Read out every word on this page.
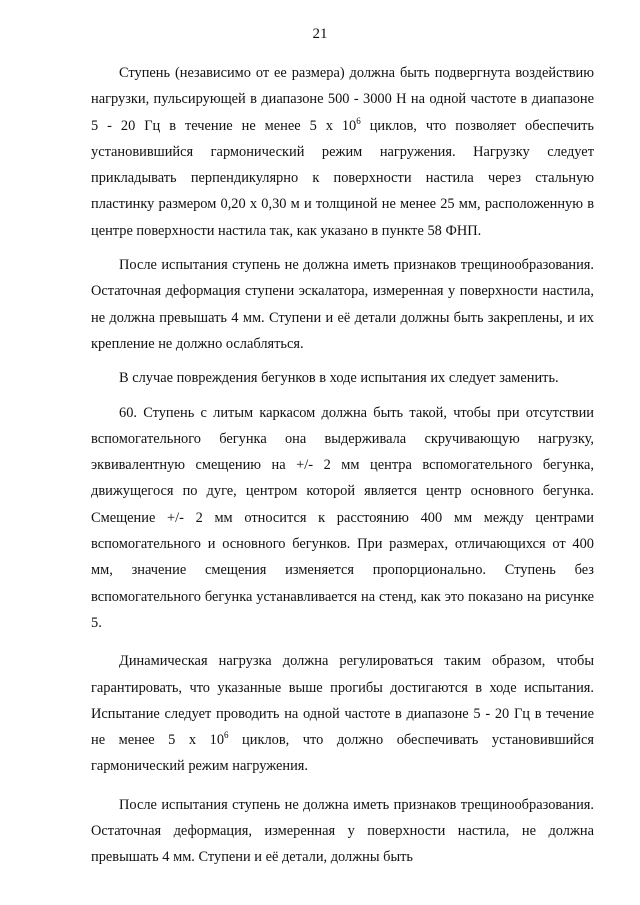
21

Ступень (независимо от ее размера) должна быть подвергнута воздействию нагрузки, пульсирующей в диапазоне 500 - 3000 Н на одной частоте в диапазоне 5 - 20 Гц в течение не менее 5 х $10^6$ циклов, что позволяет обеспечить установившийся гармонический режим нагружения. Нагрузку следует прикладывать перпендикулярно к поверхности настила через стальную пластинку размером 0,20 х 0,30 м и толщиной не менее 25 мм, расположенную в центре поверхности настила так, как указано в пункте 58 ФНП.

После испытания ступень не должна иметь признаков трещинообразования. Остаточная деформация ступени эскалатора, измеренная у поверхности настила, не должна превышать 4 мм. Ступени и её детали должны быть закреплены, и их крепление не должно ослабляться.

В случае повреждения бегунков в ходе испытания их следует заменить.

60. Ступень с литым каркасом должна быть такой, чтобы при отсутствии вспомогательного бегунка она выдерживала скручивающую нагрузку, эквивалентную смещению на +/- 2 мм центра вспомогательного бегунка, движущегося по дуге, центром которой является центр основного бегунка. Смещение +/- 2 мм относится к расстоянию 400 мм между центрами вспомогательного и основного бегунков. При размерах, отличающихся от 400 мм, значение смещения изменяется пропорционально. Ступень без вспомогательного бегунка устанавливается на стенд, как это показано на рисунке 5.

Динамическая нагрузка должна регулироваться таким образом, чтобы гарантировать, что указанные выше прогибы достигаются в ходе испытания. Испытание следует проводить на одной частоте в диапазоне 5 - 20 Гц в течение не менее 5 х $10^6$ циклов, что должно обеспечивать установившийся гармонический режим нагружения.

После испытания ступень не должна иметь признаков трещинообразования. Остаточная деформация, измеренная у поверхности настила, не должна превышать 4 мм. Ступени и её детали, должны быть
